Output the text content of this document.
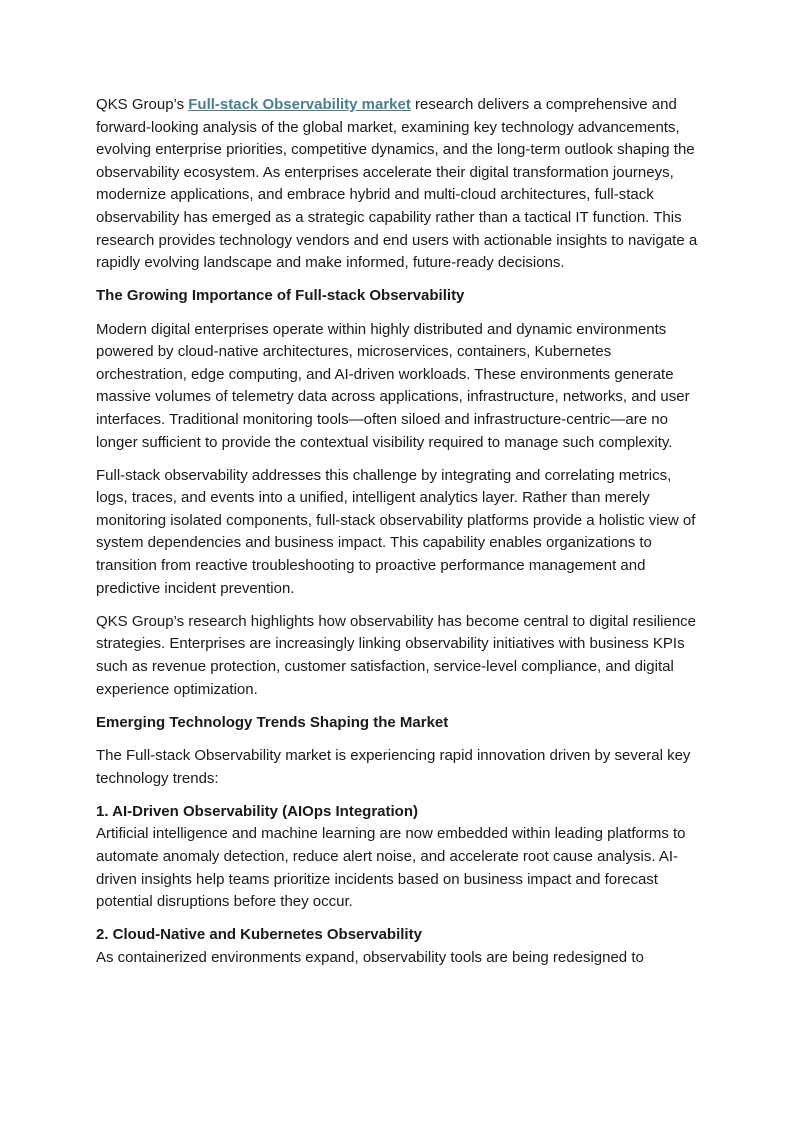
QKS Group’s Full-stack Observability market research delivers a comprehensive and forward-looking analysis of the global market, examining key technology advancements, evolving enterprise priorities, competitive dynamics, and the long-term outlook shaping the observability ecosystem. As enterprises accelerate their digital transformation journeys, modernize applications, and embrace hybrid and multi-cloud architectures, full-stack observability has emerged as a strategic capability rather than a tactical IT function. This research provides technology vendors and end users with actionable insights to navigate a rapidly evolving landscape and make informed, future-ready decisions.

The Growing Importance of Full-stack Observability

Modern digital enterprises operate within highly distributed and dynamic environments powered by cloud-native architectures, microservices, containers, Kubernetes orchestration, edge computing, and AI-driven workloads. These environments generate massive volumes of telemetry data across applications, infrastructure, networks, and user interfaces. Traditional monitoring tools—often siloed and infrastructure-centric—are no longer sufficient to provide the contextual visibility required to manage such complexity.

Full-stack observability addresses this challenge by integrating and correlating metrics, logs, traces, and events into a unified, intelligent analytics layer. Rather than merely monitoring isolated components, full-stack observability platforms provide a holistic view of system dependencies and business impact. This capability enables organizations to transition from reactive troubleshooting to proactive performance management and predictive incident prevention.

QKS Group’s research highlights how observability has become central to digital resilience strategies. Enterprises are increasingly linking observability initiatives with business KPIs such as revenue protection, customer satisfaction, service-level compliance, and digital experience optimization.

Emerging Technology Trends Shaping the Market

The Full-stack Observability market is experiencing rapid innovation driven by several key technology trends:

1. AI-Driven Observability (AIOps Integration)
Artificial intelligence and machine learning are now embedded within leading platforms to automate anomaly detection, reduce alert noise, and accelerate root cause analysis. AI-driven insights help teams prioritize incidents based on business impact and forecast potential disruptions before they occur.
2. Cloud-Native and Kubernetes Observability
As containerized environments expand, observability tools are being redesigned to
